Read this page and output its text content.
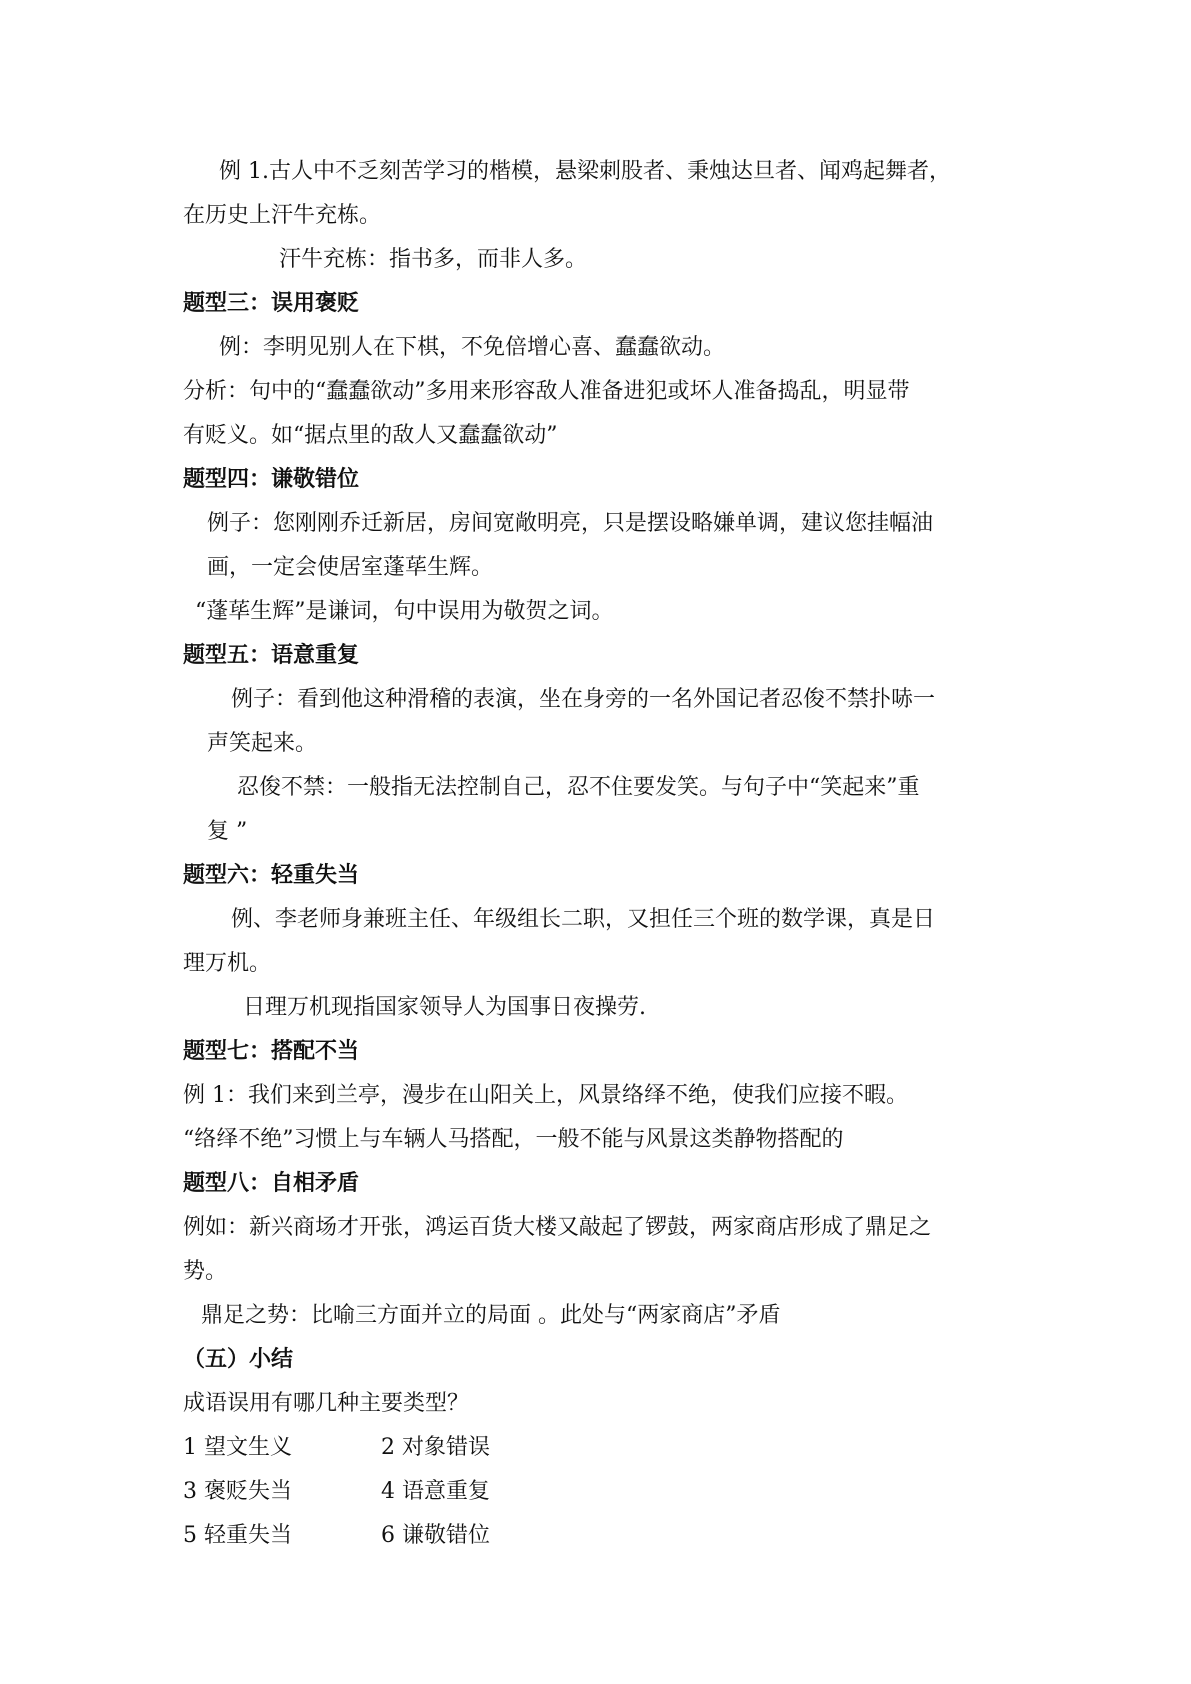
例 1.古人中不乏刻苦学习的楷模，悬梁刺股者、秉烛达旦者、闻鸡起舞者，

在历史上汗牛充栋。

汗牛充栋：指书多，而非人多。

题型三：误用褒贬

例：李明见别人在下棋，不免倍增心喜、蠢蠢欲动。

分析：句中的“蠢蠢欲动”多用来形容敌人准备进犯或坏人准备捣乱，明显带

有贬义。如“据点里的敌人又蠢蠢欲动”

题型四：谦敬错位

例子：您刚刚乔迁新居，房间宽敞明亮，只是摆设略嫌单调，建议您挂幅油

画，一定会使居室蓬荜生辉。

“蓬荜生辉”是谦词，句中误用为敬贺之词。

题型五：语意重复

例子：看到他这种滑稽的表演，坐在身旁的一名外国记者忍俊不禁扑哧一

声笑起来。

忍俊不禁：一般指无法控制自己，忍不住要发笑。与句子中“笑起来”重

复 ”

题型六：轻重失当

例、李老师身兼班主任、年级组长二职，又担任三个班的数学课，真是日

理万机。

日理万机现指国家领导人为国事日夜操劳.

题型七：搭配不当

例 1：我们来到兰亭，漫步在山阳关上，风景络绎不绝，使我们应接不暇。

“络绎不绝”习惯上与车辆人马搭配，一般不能与风景这类静物搭配的

题型八：自相矛盾

例如：新兴商场才开张，鸿运百货大楼又敲起了锣鼓，两家商店形成了鼎足之

势。

鼎足之势：比喻三方面并立的局面 。此处与“两家商店”矛盾

（五）小结

成语误用有哪几种主要类型？

1 望文生义	2 对象错误
3 褒贬失当	4 语意重复
5 轻重失当	6 谦敬错位
